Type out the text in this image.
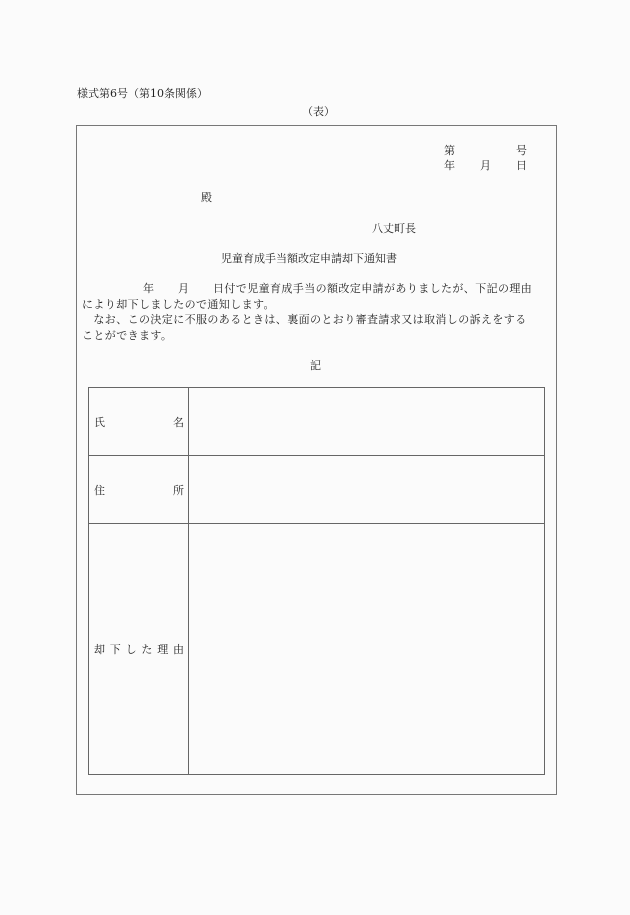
様式第6号（第10条関係）
（表）
第	号
年 月 日
殿
八丈町長
児童育成手当額改定申請却下通知書
年 月 日付で児童育成手当の額改定申請がありましたが、下記の理由
により却下しましたので通知します。
　なお、この決定に不服のあるときは、裏面のとおり審査請求又は取消しの訴えをする
ことができます。
記
氏	名
住	所
却 下 し た 理 由
